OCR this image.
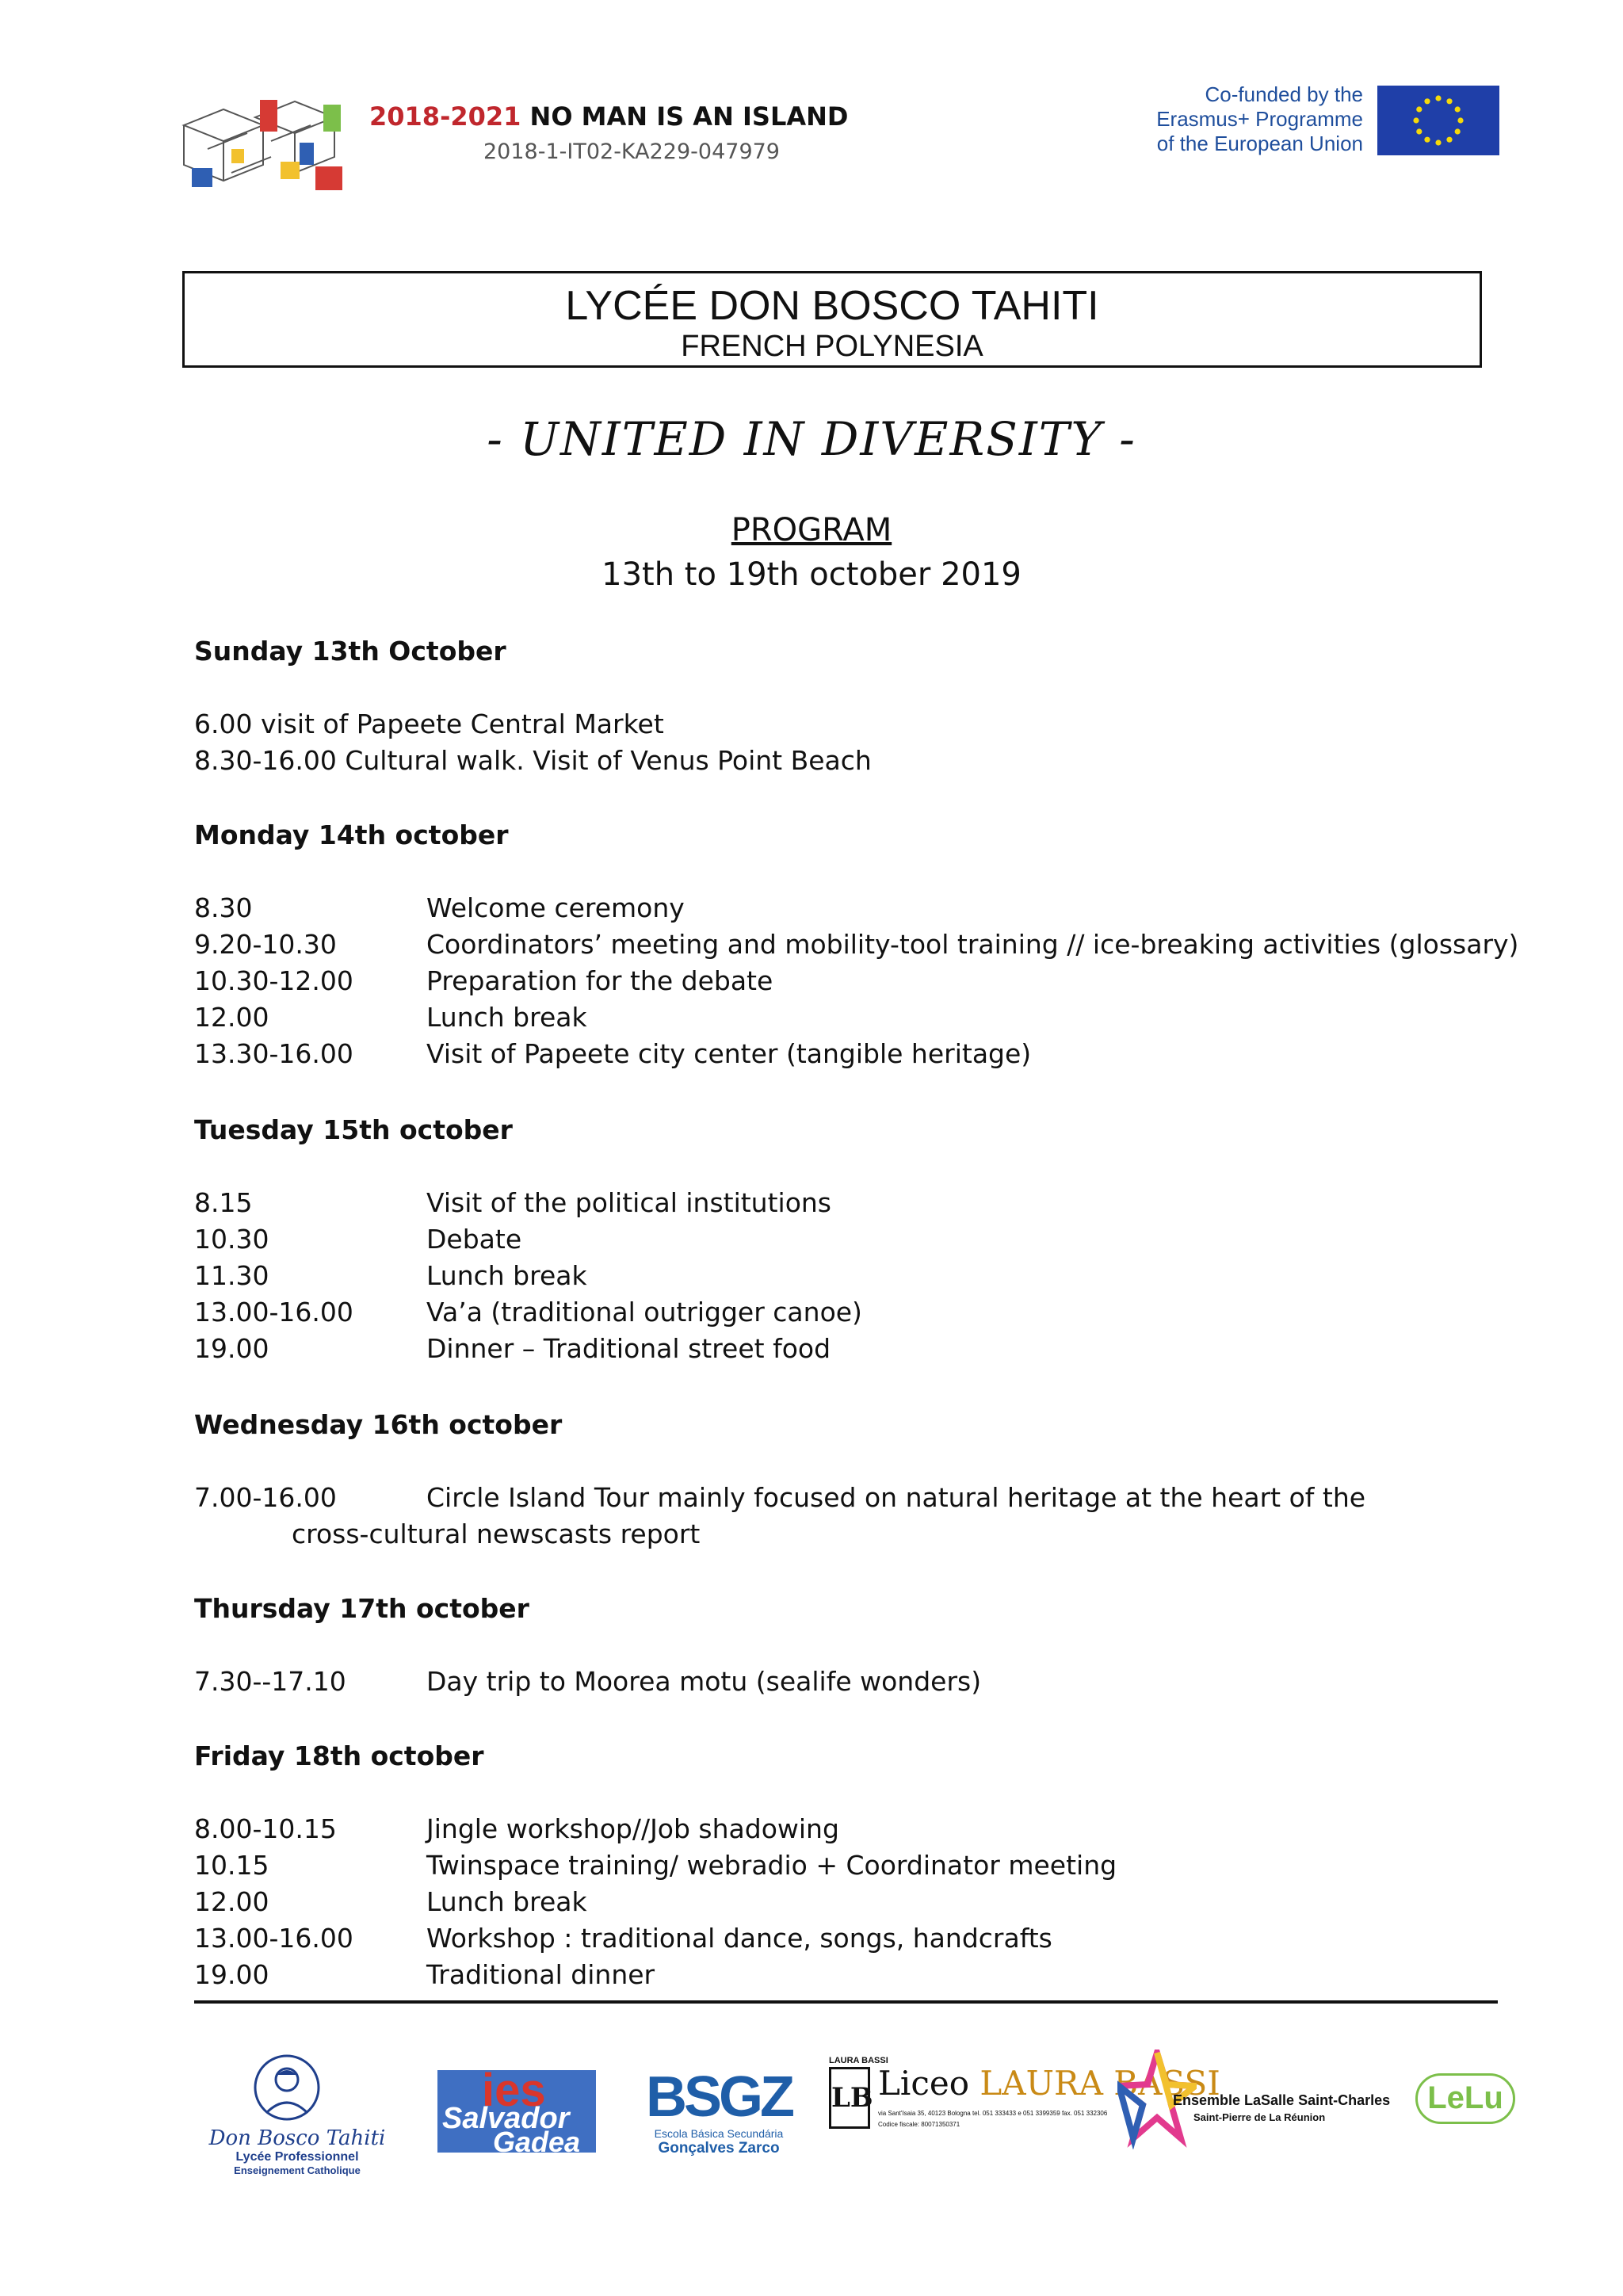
2018-2021 NO MAN IS AN ISLAND
2018-1-IT02-KA229-047979
Co-funded by the
Erasmus+ Programme
of the European Union
LYCÉE DON BOSCO TAHITI
FRENCH POLYNESIA
- UNITED IN DIVERSITY -
PROGRAM
13th to 19th october 2019
Sunday 13th October
6.00 visit of Papeete Central Market
8.30-16.00 Cultural walk. Visit of Venus Point Beach
Monday 14th october
8.30	Welcome ceremony
9.20-10.30	Coordinators’ meeting and mobility-tool training // ice-breaking activities (glossary)
10.30-12.00	Preparation for the debate
12.00	Lunch break
13.30-16.00	Visit of Papeete city center (tangible heritage)
Tuesday 15th october
8.15	Visit of the political institutions
10.30	Debate
11.30	Lunch break
13.00-16.00	Va’a (traditional outrigger canoe)
19.00	Dinner – Traditional street food
Wednesday 16th october
7.00-16.00	Circle Island Tour mainly focused on natural heritage at the heart of the
cross-cultural newscasts report
Thursday 17th october
7.30--17.10	Day trip to Moorea motu (sealife wonders)
Friday 18th october
8.00-10.15	Jingle workshop//Job shadowing
10.15	Twinspace training/ webradio + Coordinator meeting
12.00	Lunch break
13.00-16.00	Workshop : traditional dance, songs, handcrafts
19.00	Traditional dinner
Don Bosco Tahiti
Lycée Professionnel
Enseignement Catholique
ies
Salvador
Gadea
BSGZ
Escola Básica Secundária
Gonçalves Zarco
LAURA BASSI
LB Liceo LAURA BASSI
via Sant'Isaia 35, 40123 Bologna tel. 051 333433 e 051 3399359 fax. 051 332306
Codice fiscale: 80071350371
Ensemble LaSalle Saint-Charles
Saint-Pierre de La Réunion
LeLu
